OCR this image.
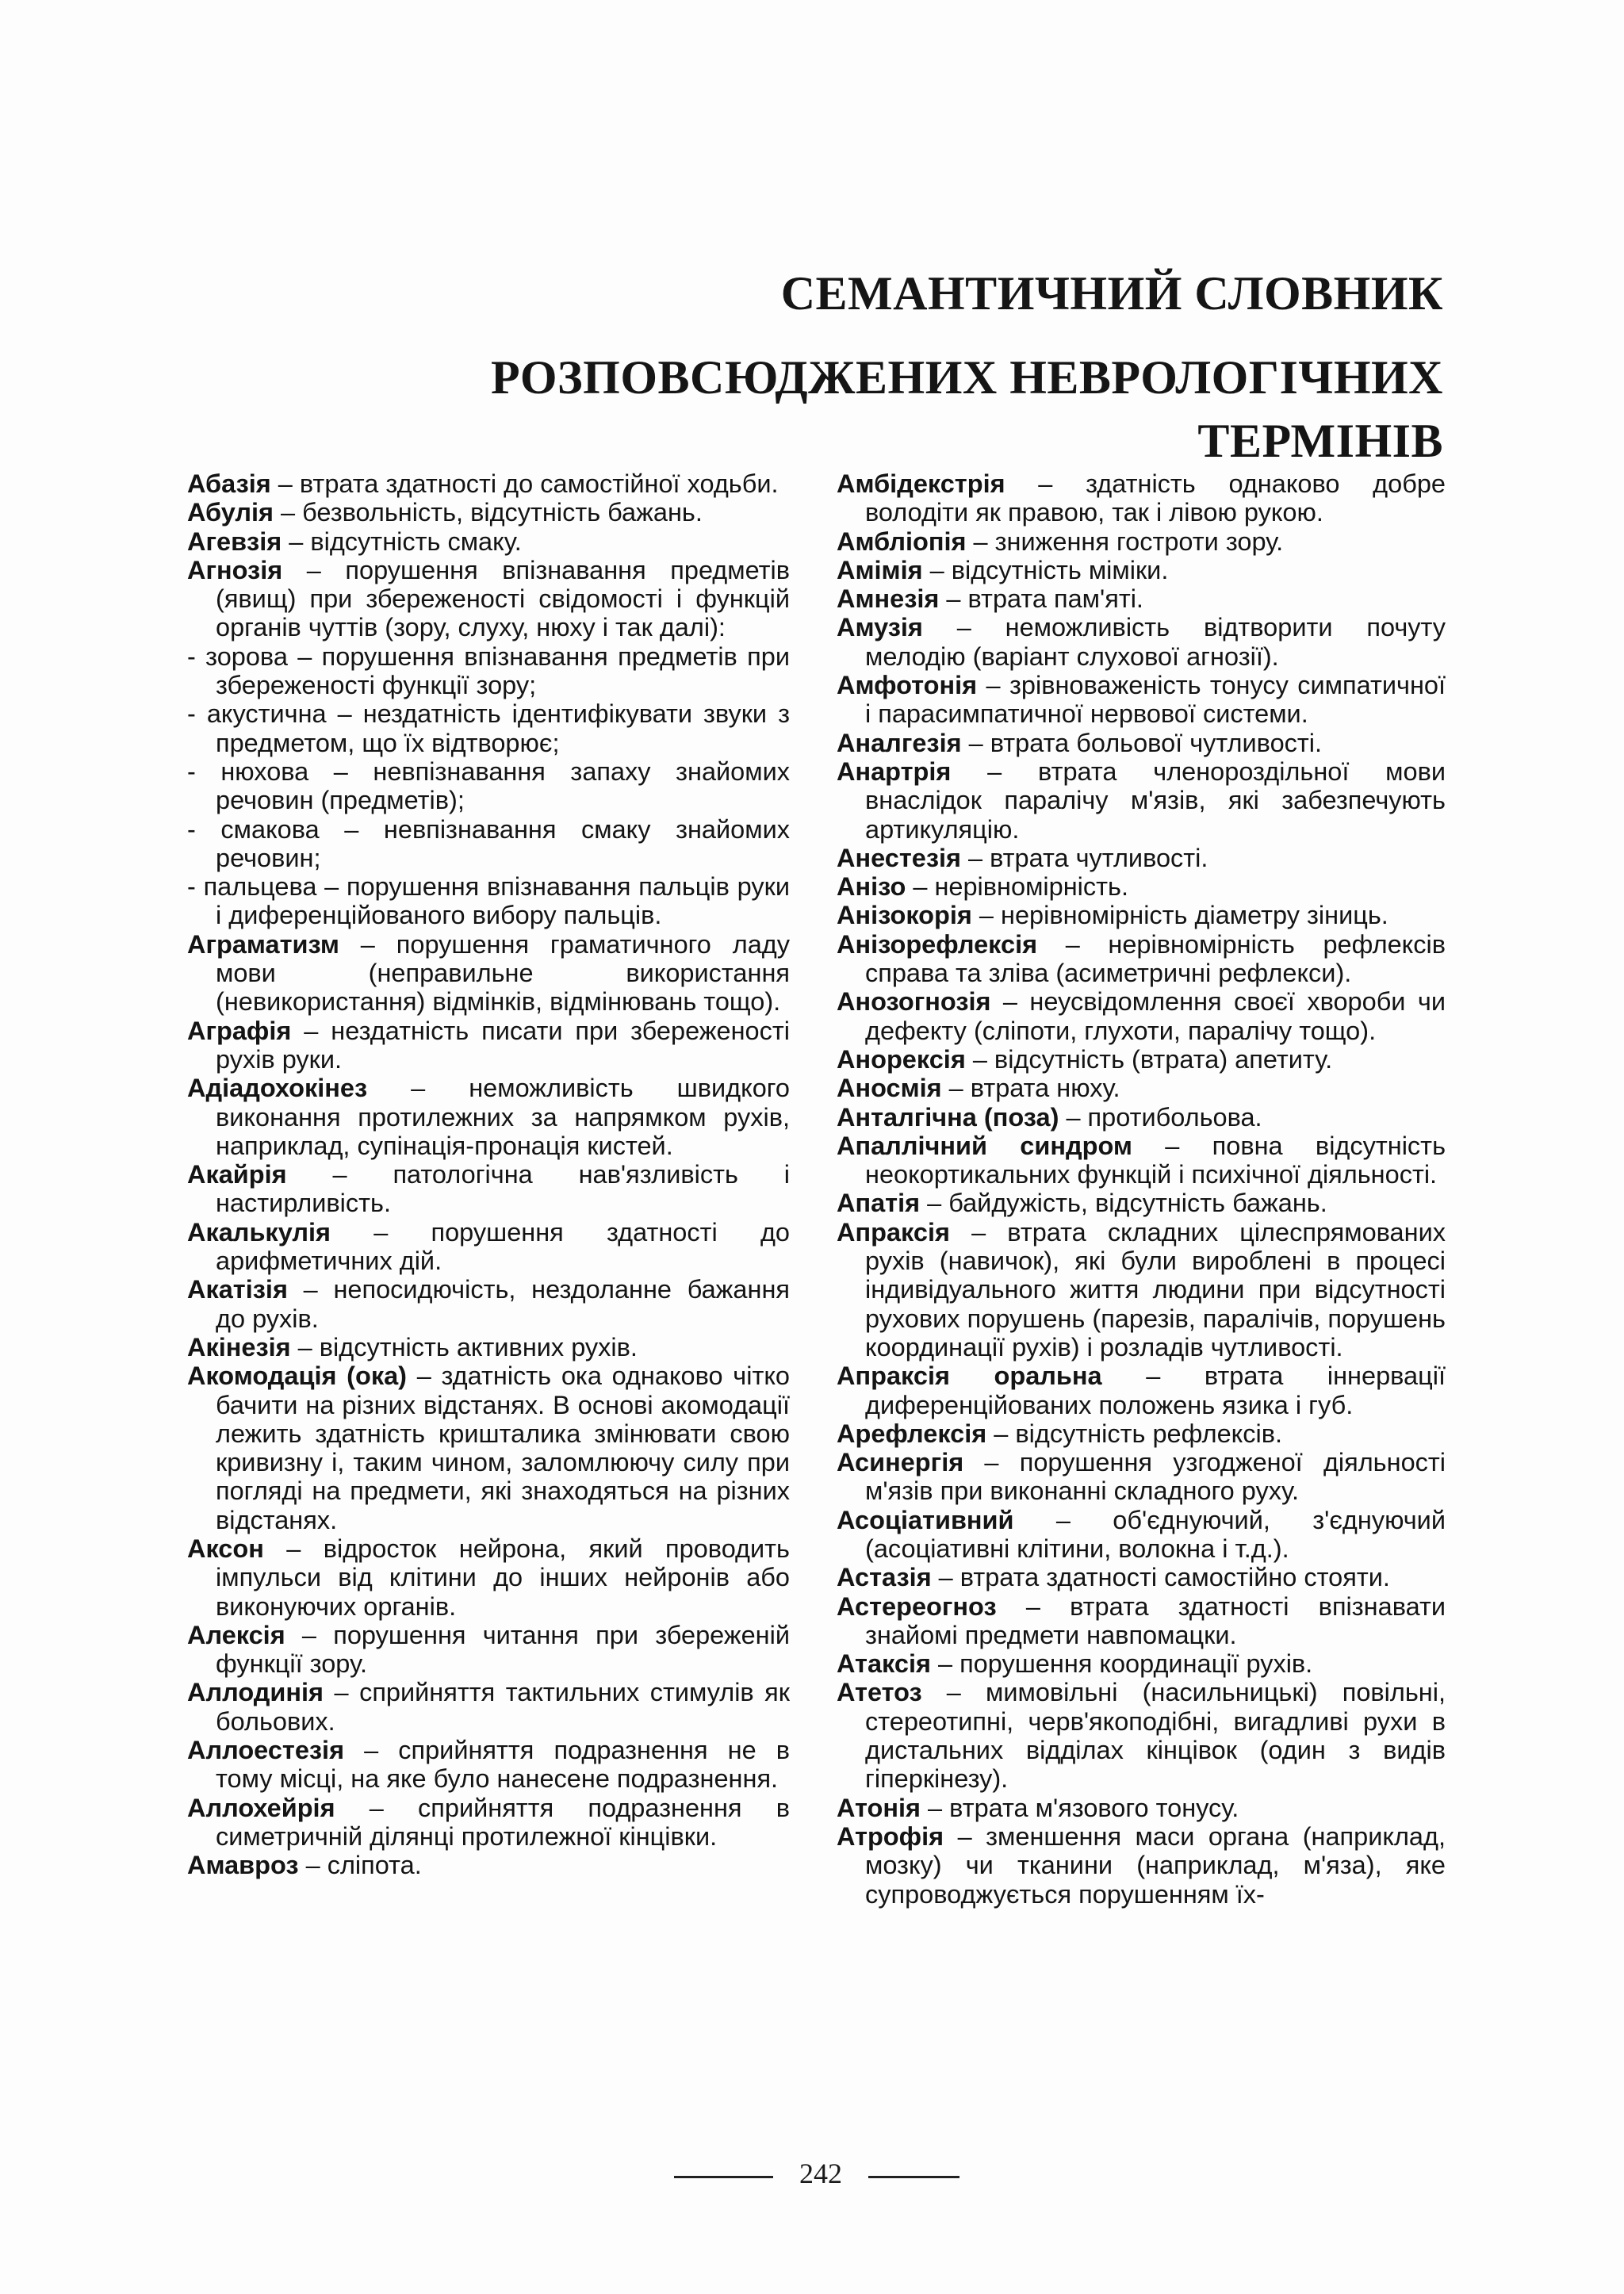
СЕМАНТИЧНИЙ СЛОВНИК
РОЗПОВСЮДЖЕНИХ НЕВРОЛОГІЧНИХ ТЕРМІНІВ
Абазія – втрата здатності до самостійної ходьби.
Абулія – безвольність, відсутність бажань.
Агевзія – відсутність смаку.
Агнозія – порушення впізнавання предметів (явищ) при збереженості свідомості і функцій органів чуттів (зору, слуху, нюху і так далі):
- зорова – порушення впізнавання предметів при збереженості функції зору;
- акустична – нездатність ідентифікувати звуки з предметом, що їх відтворює;
- нюхова – невпізнавання запаху знайомих речовин (предметів);
- смакова – невпізнавання смаку знайомих речовин;
- пальцева – порушення впізнавання пальців руки і диференційованого вибору пальців.
Аграматизм – порушення граматичного ладу мови (неправильне використання (невикористання) відмінків, відмінювань тощо).
Аграфія – нездатність писати при збереженості рухів руки.
Адіадохокінез – неможливість швидкого виконання протилежних за напрямком рухів, наприклад, супінація-пронація кистей.
Акайрія – патологічна нав'язливість і настирливість.
Акалькулія – порушення здатності до арифметичних дій.
Акатізія – непосидючість, нездоланне бажання до рухів.
Акінезія – відсутність активних рухів.
Акомодація (ока) – здатність ока однаково чітко бачити на різних відстанях. В основі акомодації лежить здатність кришталика змінювати свою кривизну і, таким чином, заломлюючу силу при погляді на предмети, які знаходяться на різних відстанях.
Аксон – відросток нейрона, який проводить імпульси від клітини до інших нейронів або виконуючих органів.
Алексія – порушення читання при збереженій функції зору.
Аллодинія – сприйняття тактильних стимулів як больових.
Аллоестезія – сприйняття подразнення не в тому місці, на яке було нанесене подразнення.
Аллохейрія – сприйняття подразнення в симетричній ділянці протилежної кінцівки.
Амавроз – сліпота.
Амбідекстрія – здатність однаково добре володіти як правою, так і лівою рукою.
Амбліопія – зниження гостроти зору.
Амімія – відсутність міміки.
Амнезія – втрата пам'яті.
Амузія – неможливість відтворити почуту мелодію (варіант слухової агнозії).
Амфотонія – зрівноваженість тонусу симпатичної і парасимпатичної нервової системи.
Аналгезія – втрата больової чутливості.
Анартрія – втрата членороздільної мови внаслідок паралічу м'язів, які забезпечують артикуляцію.
Анестезія – втрата чутливості.
Анізо – нерівномірність.
Анізокорія – нерівномірність діаметру зіниць.
Анізорефлексія – нерівномірність рефлексів справа та зліва (асиметричні рефлекси).
Анозогнозія – неусвідомлення своєї хвороби чи дефекту (сліпоти, глухоти, паралічу тощо).
Анорексія – відсутність (втрата) апетиту.
Аносмія – втрата нюху.
Анталгічна (поза) – протибольова.
Апаллічний синдром – повна відсутність неокортикальних функцій і психічної діяльності.
Апатія – байдужість, відсутність бажань.
Апраксія – втрата складних цілеспрямованих рухів (навичок), які були вироблені в процесі індивідуального життя людини при відсутності рухових порушень (парезів, паралічів, порушень координації рухів) і розладів чутливості.
Апраксія оральна – втрата іннервації диференційованих положень язика і губ.
Арефлексія – відсутність рефлексів.
Асинергія – порушення узгодженої діяльності м'язів при виконанні складного руху.
Асоціативний – об'єднуючий, з'єднуючий (асоціативні клітини, волокна і т.д.).
Астазія – втрата здатності самостійно стояти.
Астереогноз – втрата здатності впізнавати знайомі предмети навпомацки.
Атаксія – порушення координації рухів.
Атетоз – мимовільні (насильницькі) повільні, стереотипні, черв'якоподібні, вигадливі рухи в дистальних відділах кінцівок (один з видів гіперкінезу).
Атонія – втрата м'язового тонусу.
Атрофія – зменшення маси органа (наприклад, мозку) чи тканини (наприклад, м'яза), яке супроводжується порушенням їх-
242
